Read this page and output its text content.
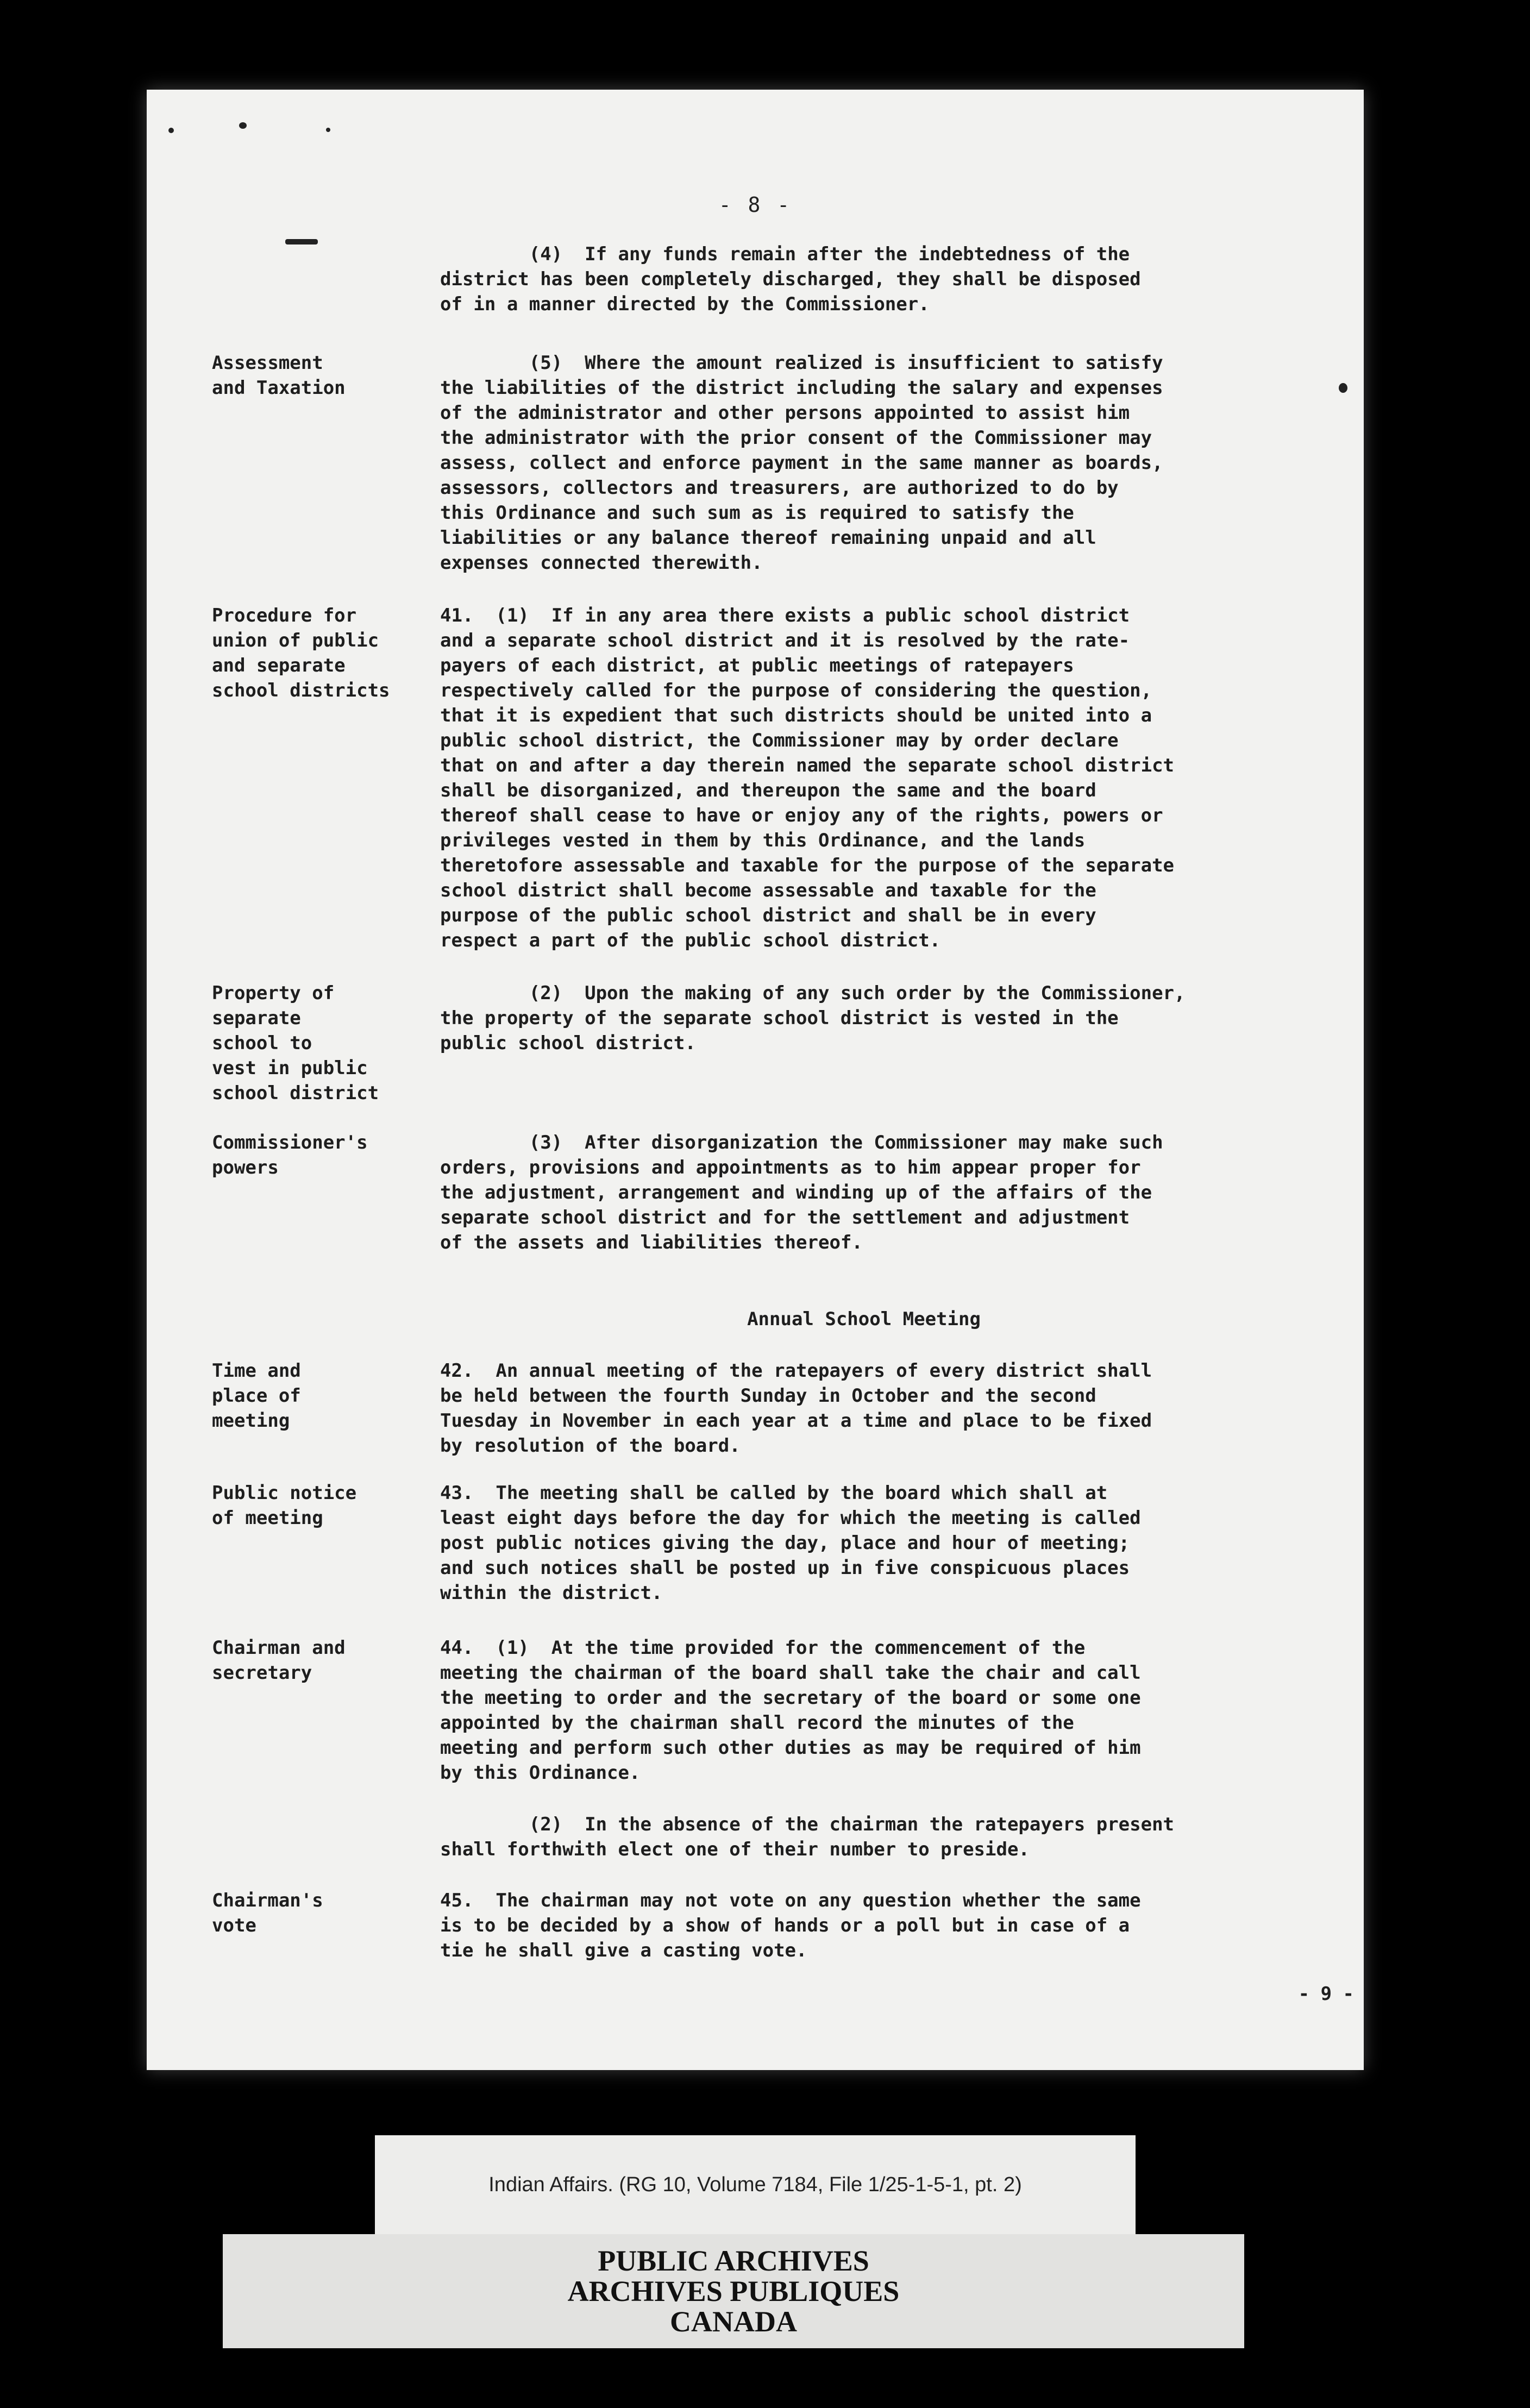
- 8 -
(4)  If any funds remain after the indebtedness of the
district has been completely discharged, they shall be disposed
of in a manner directed by the Commissioner.
Assessment
and Taxation
(5)  Where the amount realized is insufficient to satisfy
the liabilities of the district including the salary and expenses
of the administrator and other persons appointed to assist him
the administrator with the prior consent of the Commissioner may
assess, collect and enforce payment in the same manner as boards,
assessors, collectors and treasurers, are authorized to do by
this Ordinance and such sum as is required to satisfy the
liabilities or any balance thereof remaining unpaid and all
expenses connected therewith.
Procedure for
union of public
and separate
school districts
41.  (1)  If in any area there exists a public school district
and a separate school district and it is resolved by the rate-
payers of each district, at public meetings of ratepayers
respectively called for the purpose of considering the question,
that it is expedient that such districts should be united into a
public school district, the Commissioner may by order declare
that on and after a day therein named the separate school district
shall be disorganized, and thereupon the same and the board
thereof shall cease to have or enjoy any of the rights, powers or
privileges vested in them by this Ordinance, and the lands
theretofore assessable and taxable for the purpose of the separate
school district shall become assessable and taxable for the
purpose of the public school district and shall be in every
respect a part of the public school district.
Property of
separate
school to
vest in public
school district
(2)  Upon the making of any such order by the Commissioner,
the property of the separate school district is vested in the
public school district.
Commissioner's
powers
(3)  After disorganization the Commissioner may make such
orders, provisions and appointments as to him appear proper for
the adjustment, arrangement and winding up of the affairs of the
separate school district and for the settlement and adjustment
of the assets and liabilities thereof.
Annual School Meeting
Time and
place of
meeting
42.  An annual meeting of the ratepayers of every district shall
be held between the fourth Sunday in October and the second
Tuesday in November in each year at a time and place to be fixed
by resolution of the board.
Public notice
of meeting
43.  The meeting shall be called by the board which shall at
least eight days before the day for which the meeting is called
post public notices giving the day, place and hour of meeting;
and such notices shall be posted up in five conspicuous places
within the district.
Chairman and
secretary
44.  (1)  At the time provided for the commencement of the
meeting the chairman of the board shall take the chair and call
the meeting to order and the secretary of the board or some one
appointed by the chairman shall record the minutes of the
meeting and perform such other duties as may be required of him
by this Ordinance.
(2)  In the absence of the chairman the ratepayers present
shall forthwith elect one of their number to preside.
Chairman's
vote
45.  The chairman may not vote on any question whether the same
is to be decided by a show of hands or a poll but in case of a
tie he shall give a casting vote.
- 9 -
Indian Affairs. (RG 10, Volume 7184, File 1/25-1-5-1, pt. 2)
PUBLIC ARCHIVES
ARCHIVES PUBLIQUES
CANADA
